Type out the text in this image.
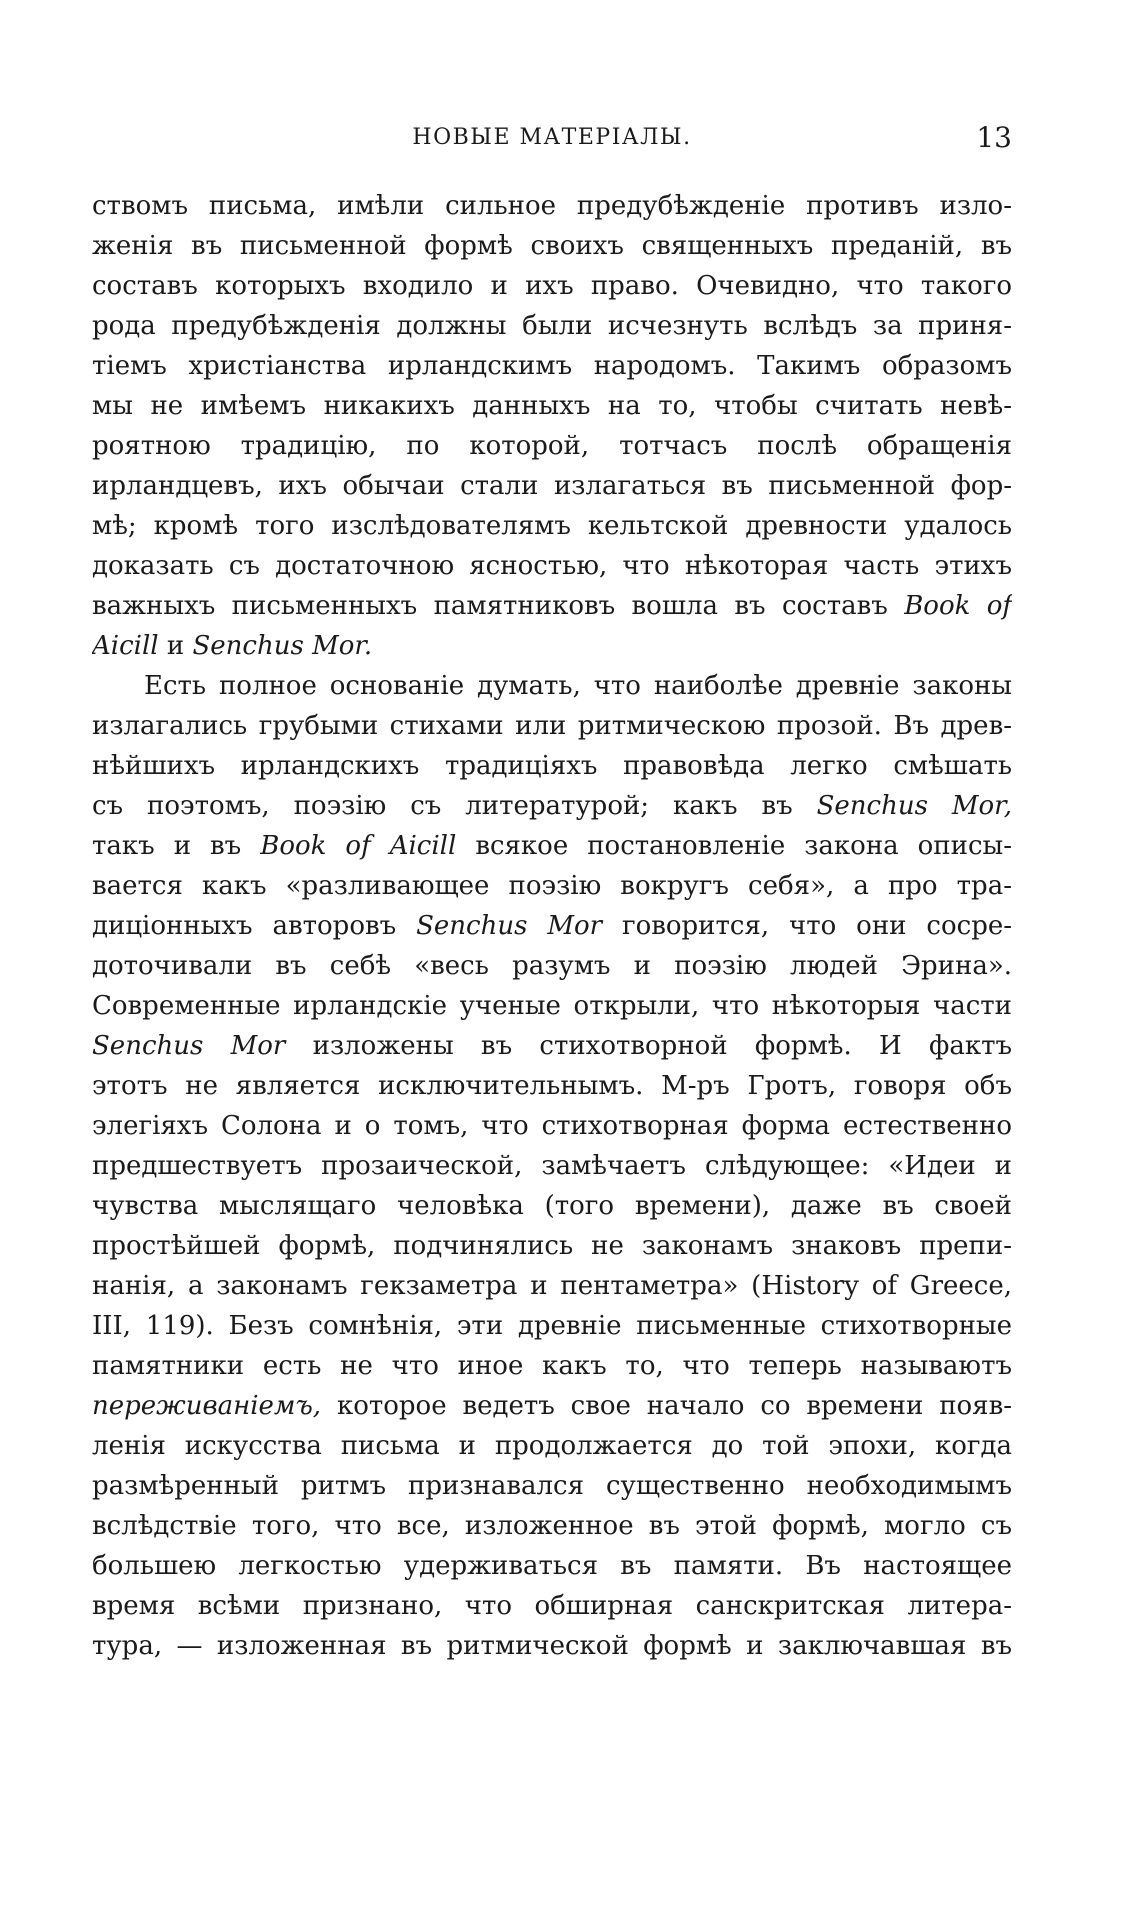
НОВЫЕ МАТЕРІАЛЫ.	13
ствомъ письма, имѣли сильное предубѣжденіе противъ изло-
женія въ письменной формѣ своихъ священныхъ преданій, въ
составъ которыхъ входило и ихъ право. Очевидно, что такого
рода предубѣжденія должны были исчезнуть вслѣдъ за приня-
тіемъ христіанства ирландскимъ народомъ. Такимъ образомъ
мы не имѣемъ никакихъ данныхъ на то, чтобы считать невѣ-
роятною традицію, по которой, тотчасъ послѣ обращенія
ирландцевъ, ихъ обычаи стали излагаться въ письменной фор-
мѣ; кромѣ того изслѣдователямъ кельтской древности удалось
доказать съ достаточною ясностью, что нѣкоторая часть этихъ
важныхъ письменныхъ памятниковъ вошла въ составъ Book of
Aicill и Senchus Mor.
Есть полное основаніе думать, что наиболѣе древніе законы
излагались грубыми стихами или ритмическою прозой. Въ древ-
нѣйшихъ ирландскихъ традиціяхъ правовѣда легко смѣшать
съ поэтомъ, поэзію съ литературой; какъ въ Senchus Mor,
такъ и въ Book of Aicill всякое постановленіе закона описы-
вается какъ «разливающее поэзію вокругъ себя», а про тра-
диціонныхъ авторовъ Senchus Mor говорится, что они сосре-
доточивали въ себѣ «весь разумъ и поэзію людей Эрина».
Современные ирландскіе ученые открыли, что нѣкоторыя части
Senchus Mor изложены въ стихотворной формѣ. И фактъ
этотъ не является исключительнымъ. М-ръ Гротъ, говоря объ
элегіяхъ Солона и о томъ, что стихотворная форма естественно
предшествуетъ прозаической, замѣчаетъ слѣдующее: «Идеи и
чувства мыслящаго человѣка (того времени), даже въ своей
простѣйшей формѣ, подчинялись не законамъ знаковъ препи-
нанія, а законамъ гекзаметра и пентаметра» (History of Greece,
III, 119). Безъ сомнѣнія, эти древніе письменные стихотворные
памятники есть не что иное какъ то, что теперь называютъ
переживаніемъ, которое ведетъ свое начало со времени появ-
ленія искусства письма и продолжается до той эпохи, когда
размѣренный ритмъ признавался существенно необходимымъ
вслѣдствіе того, что все, изложенное въ этой формѣ, могло съ
большею легкостью удерживаться въ памяти. Въ настоящее
время всѣми признано, что обширная санскритская литера-
тура, — изложенная въ ритмической формѣ и заключавшая въ
